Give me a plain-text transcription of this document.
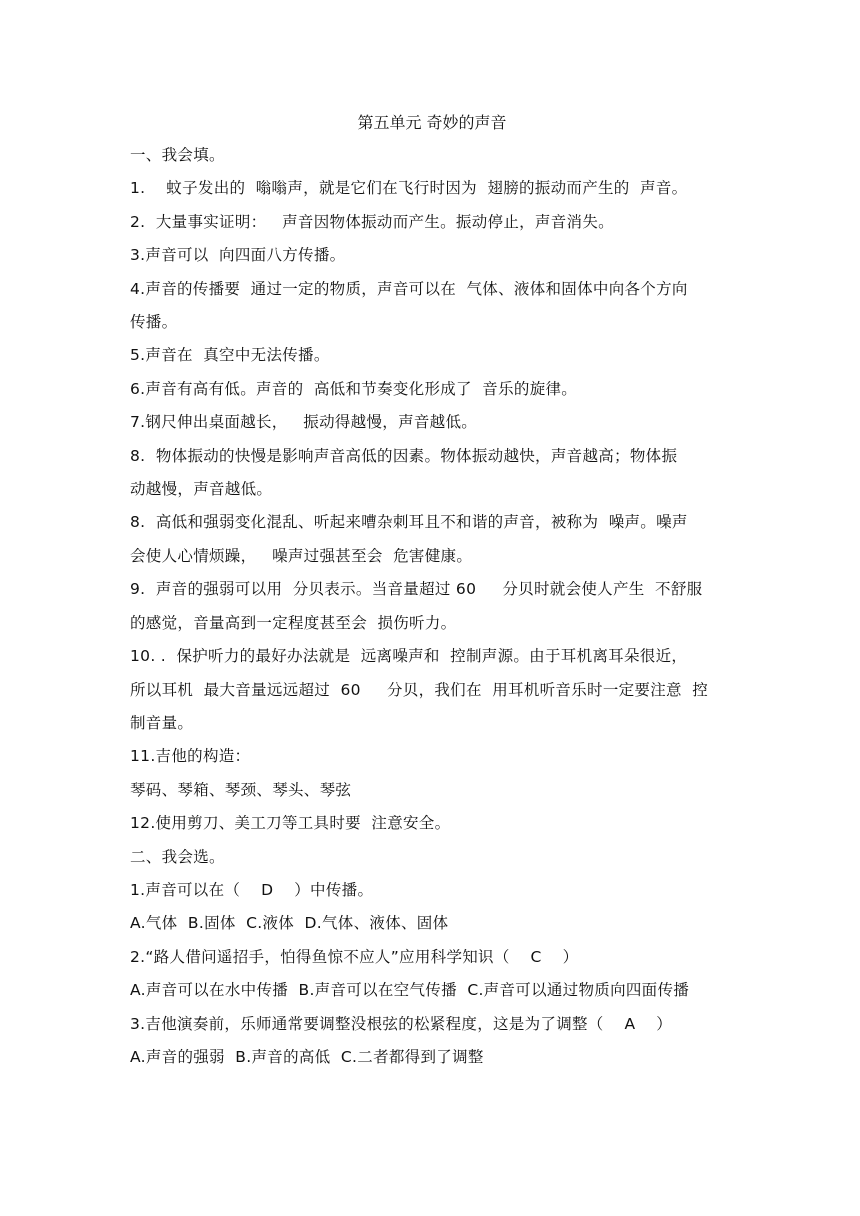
第五单元 奇妙的声音
一、我会填。
1.    蚊子发出的  嗡嗡声，就是它们在飞行时因为  翅膀的振动而产生的  声音。
2.  大量事实证明：   声音因物体振动而产生。振动停止，声音消失。
3.声音可以  向四面八方传播。
4.声音的传播要  通过一定的物质，声音可以在  气体、液体和固体中向各个方向
传播。
5.声音在  真空中无法传播。
6.声音有高有低。声音的  高低和节奏变化形成了  音乐的旋律。
7.钢尺伸出桌面越长，   振动得越慢，声音越低。
8.  物体振动的快慢是影响声音高低的因素。物体振动越快，声音越高；物体振
动越慢，声音越低。
8.  高低和强弱变化混乱、听起来嘈杂刺耳且不和谐的声音，被称为  噪声。噪声
会使人心情烦躁，   噪声过强甚至会  危害健康。
9.  声音的强弱可以用  分贝表示。当音量超过 60     分贝时就会使人产生  不舒服
的感觉，音量高到一定程度甚至会  损伤听力。
10. .  保护听力的最好办法就是  远离噪声和  控制声源。由于耳机离耳朵很近，
所以耳机  最大音量远远超过  60     分贝，我们在  用耳机听音乐时一定要注意  控
制音量。
11.吉他的构造：
琴码、琴箱、琴颈、琴头、琴弦
12.使用剪刀、美工刀等工具时要  注意安全。
二、我会选。
1.声音可以在（    D    ）中传播。
A.气体  B.固体  C.液体  D.气体、液体、固体
2.“路人借问遥招手，怕得鱼惊不应人”应用科学知识（    C    ）
A.声音可以在水中传播  B.声音可以在空气传播  C.声音可以通过物质向四面传播
3.吉他演奏前，乐师通常要调整没根弦的松紧程度，这是为了调整（    A    ）
A.声音的强弱  B.声音的高低  C.二者都得到了调整
